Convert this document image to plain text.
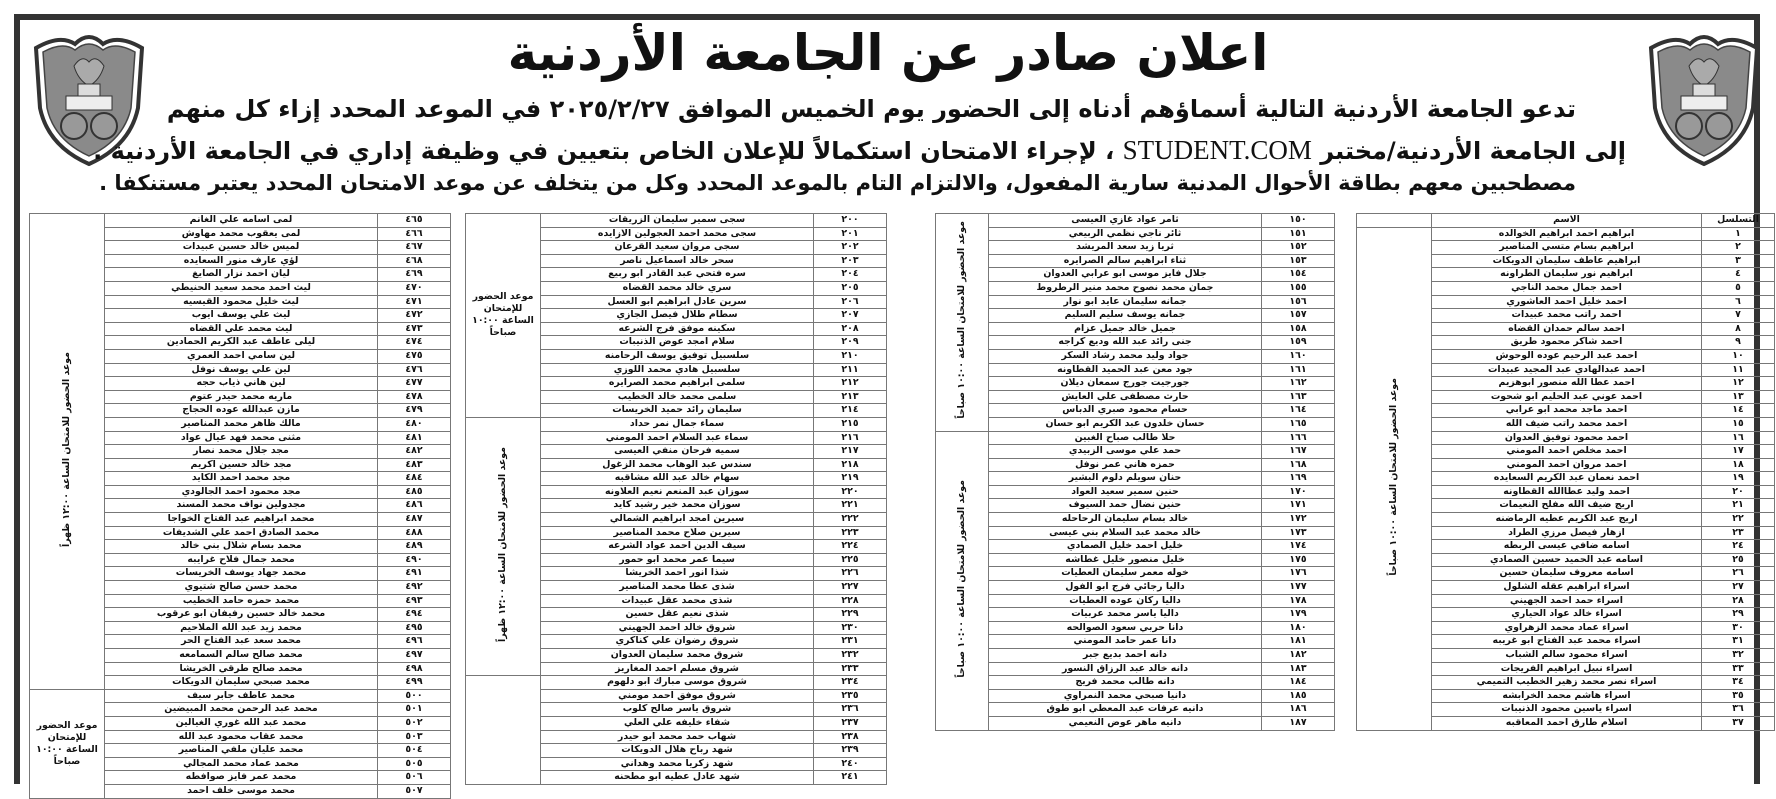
اعلان صادر عن الجامعة الأردنية
تدعو الجامعة الأردنية التالية أسماؤهم أدناه إلى الحضور يوم الخميس الموافق ٢٠٢٥/٢/٢٧ في الموعد المحدد إزاء كل منهم
إلى الجامعة الأردنية/مختبر STUDENT.COM ، لإجراء الامتحان استكمالاً للإعلان الخاص بتعيين في وظيفة إداري في الجامعة الأردنية .
مصطحبين معهم بطاقة الأحوال المدنية سارية المفعول، والالتزام التام بالموعد المحدد وكل من يتخلف عن موعد الامتحان المحدد يعتبر مستنكفا .
التسلسل	الاسم	
١	ابراهيم احمد ابراهيم الخوالده	موعد الحضور للامتحان الساعة ١٠:٠٠ صباحاً
٢	ابراهيم بسام متسي المناصير	
٣	ابراهيم عاطف سليمان الدويكات	
٤	ابراهيم نور سليمان الطراونه	
٥	احمد جمال محمد الناجي	
٦	احمد خليل احمد العاشوري	
٧	احمد راتب محمد عبيدات	
٨	احمد سالم حمدان القضاه	
٩	احمد شاكر محمود طريق	
١٠	احمد عبد الرحيم عوده الوحوش	
١١	احمد عبدالهادي عبد المجيد عبيدات	
١٢	احمد عطا الله منصور ابوهزيم	
١٣	احمد عوني عبد الحليم ابو شحوت	
١٤	احمد ماجد محمد ابو عرابي	
١٥	احمد محمد راتب ضيف الله	
١٦	احمد محمود توفيق العدوان	
١٧	احمد مخلص احمد المومني	
١٨	احمد مروان احمد المومني	
١٩	احمد نعمان عبد الكريم السعايده	
٢٠	احمد وليد عطاالله القطاونه	
٢١	اريج ضيف الله مفلح النعيمات	
٢٢	اريج عبد الكريم عطيه الرماضنه	
٢٣	ازهار فيصل مرزي الطراد	
٢٤	اسامه ضافي عيسى الربطه	
٢٥	اسامه عبد الحميد حسين الصمادي	
٢٦	اسامه معروف سليمان حسين	
٢٧	اسراء ابراهيم عقله الشلول	
٢٨	اسراء حمد احمد الجهيني	
٢٩	اسراء خالد عواد الحياري	
٣٠	اسراء عماد محمد الزهراوي	
٣١	اسراء محمد عبد الفتاح ابو غريبه	
٣٢	اسراء محمود سالم الشباب	
٣٣	اسراء نبيل ابراهيم الفريجات	
٣٤	اسراء نصر محمد زهير الخطيب التميمي	
٣٥	اسراء هاشم محمد الخرابشه	
٣٦	اسراء ياسين محمود الذنيبات	
٣٧	اسلام طارق احمد المعاقبه	
١٥٠	ثامر عواد غازي العيسى	موعد الحضور للامتحان الساعة ١٠:٠٠ صباحاً
١٥١	ثائر ناجي نظمي الربيعي	
١٥٢	ثريا زيد سعد المريشد	
١٥٣	ثناء ابراهيم سالم الصرايره	
١٥٤	جلال فايز موسى ابو عرابي العدوان	
١٥٥	جمان محمد نصوح محمد منير الرطروط	
١٥٦	جمانه سليمان عايد ابو نوار	
١٥٧	جمانه يوسف سليم السليم	
١٥٨	جميل خالد جميل عزام	
١٥٩	جنى رائد عبد الله وديع كراجه	
١٦٠	جواد وليد محمد رشاد السكر	
١٦١	جود معن عبد الحميد القطاونه	
١٦٢	جورجيت جورج سمعان ديلان	
١٦٣	حارث مصطفى علي العايش	
١٦٤	حسام محمود صبري الدباس	
١٦٥	حسان خلدون عبد الكريم ابو حسان	
١٦٦	حلا طالب صباح الغبين	موعد الحضور للامتحان الساعة ١٠:٠٠ صباحاً
١٦٧	حمد علي موسى الزبيدي	
١٦٨	حمزه هاني عمر نوفل	
١٦٩	حنان سويلم دلوم البشير	
١٧٠	حنين سمير سعيد العواد	
١٧١	حنين نضال حمد السيوف	
١٧٢	خالد بسام سليمان الرحاحله	
١٧٣	خالد محمد عبد السلام بني عيسى	
١٧٤	خليل احمد خليل الصمادي	
١٧٥	خليل منصور خليل غطاشه	
١٧٦	خوله معمر سليمان العطيات	
١٧٧	داليا رجائي فرج ابو الفول	
١٧٨	داليا ركان عوده العطيات	
١٧٩	داليا ياسر محمد عربيات	
١٨٠	دانا حربي سعود الصوالحه	
١٨١	دانا عمر حامد المومني	
١٨٢	دانه احمد بديع جبر	
١٨٣	دانه خالد عبد الرزاق النسور	
١٨٤	دانه طالب محمد فريج	
١٨٥	دانيا صبحي محمد النمراوي	
١٨٦	دانيه عرفات عبد المعطي ابو طوق	
١٨٧	دانيه ماهر عوض النعيمي	
٢٠٠	سجى سمير سليمان الزريقات	موعد الحضور للإمتحان الساعة ١٠:٠٠ صباحاً
٢٠١	سجى محمد احمد العجولين الازايده	
٢٠٢	سجى مروان سعيد القرعان	
٢٠٣	سحر خالد اسماعيل ناصر	
٢٠٤	سره فتحي عبد القادر ابو ربيع	
٢٠٥	سري خالد محمد القضاه	
٢٠٦	سرين عادل ابراهيم ابو العسل	
٢٠٧	سطام طلال فيصل الجازي	
٢٠٨	سكينه موفق فرج الشرعه	
٢٠٩	سلام امجد عوض الذنيبات	
٢١٠	سلسبيل توفيق يوسف الرحامنه	
٢١١	سلسبيل هادي محمد اللوزي	
٢١٢	سلمى ابراهيم محمد الصرايره	
٢١٣	سلمى محمد خالد الخطيب	
٢١٤	سليمان رائد حميد الخريسات	
٢١٥	سماء جمال نمر حداد	موعد الحضور للامتحان الساعة ١٢:٠٠ ظهراً
٢١٦	سماء عبد السلام احمد المومني	
٢١٧	سميه فرحان منفي العيسى	
٢١٨	سندس عبد الوهاب محمد الزغول	
٢١٩	سهام خالد عبد الله مشاقبه	
٢٢٠	سوزان عبد المنعم نعيم العلاونه	
٢٢١	سوزان محمد خير رشيد كايد	
٢٢٢	سيرين امجد ابراهيم الشمالي	
٢٢٣	سيرين صلاح محمد المناصير	
٢٢٤	سيف الدين احمد عواد الشرعه	
٢٢٥	سيما عمر محمد ابو حمور	
٢٢٦	شذا انور احمد الخريشا	
٢٢٧	شذى عطا محمد المناصير	
٢٢٨	شذى محمد عقل عبيدات	
٢٢٩	شذى نعيم عقل حسين	
٢٣٠	شروق خالد احمد الجهيني	
٢٣١	شروق رضوان علي كناكري	
٢٣٢	شروق محمد سليمان العدوان	
٢٣٣	شروق مسلم احمد المغاريز	
٢٣٤	شروق موسى مبارك ابو دلهوم	
٢٣٥	شروق موفق احمد مومني	
٢٣٦	شروق ياسر صالح كلوب	
٢٣٧	شفاء خليفه علي العلي	
٢٣٨	شهاب حمد محمد ابو حيدر	
٢٣٩	شهد رباح هلال الدويكات	
٢٤٠	شهد زكريا محمد وهداني	
٢٤١	شهد عادل عطيه ابو مطحنه	
٤٦٥	لمى اسامه علي الغانم	موعد الحضور للامتحان الساعة ١٢:٠٠ ظهراً
٤٦٦	لمى يعقوب محمد مهاوش	
٤٦٧	لميس خالد حسين عبيدات	
٤٦٨	لؤي عارف منور السعايده	
٤٦٩	ليان احمد نزار الصايغ	
٤٧٠	ليث احمد محمد سعيد الحنيطي	
٤٧١	ليث خليل محمود القيسيه	
٤٧٢	ليث علي يوسف ايوب	
٤٧٣	ليث محمد علي القضاه	
٤٧٤	ليلى عاطف عبد الكريم الحمادين	
٤٧٥	لين سامي احمد العمري	
٤٧٦	لين علي يوسف نوفل	
٤٧٧	لين هاني ذياب حجه	
٤٧٨	ماريه محمد حيدر عتوم	
٤٧٩	مازن عبدالله عوده الحجاج	
٤٨٠	مالك ظاهر محمد المناصير	
٤٨١	مثنى محمد فهد عيال عواد	
٤٨٢	مجد جلال محمد نصار	
٤٨٣	مجد خالد حسين اكريم	
٤٨٤	مجد محمد احمد الكايد	
٤٨٥	مجد محمود احمد الجالودي	
٤٨٦	مجدولين نواف محمد المسند	
٤٨٧	محمد ابراهيم عبد الفتاح الخواجا	
٤٨٨	محمد الصادق احمد علي الشديفات	
٤٨٩	محمد بسام شلال بني خالد	
٤٩٠	محمد جمال فلاح غرايبه	
٤٩١	محمد جهاد يوسف الخريسات	
٤٩٢	محمد حسن صالح شتيوي	
٤٩٣	محمد حمزه حامد الخطيب	
٤٩٤	محمد خالد حسين رفيفان ابو عرقوب	
٤٩٥	محمد زيد عبد الله الملاحيم	
٤٩٦	محمد سعد عبد الفتاح الحر	
٤٩٧	محمد صالح سالم السمامعه	
٤٩٨	محمد صالح طرقي الخريشا	
٤٩٩	محمد صبحي سليمان الدويكات	
٥٠٠	محمد عاطف جابر سيف	موعد الحضور للإمتحان الساعة ١٠:٠٠ صباحاً
٥٠١	محمد عبد الرحمن محمد المبيضين	
٥٠٢	محمد عبد الله غوري الغيالين	
٥٠٣	محمد عقاب محمود عبد الله	
٥٠٤	محمد عليان ملفي المناصير	
٥٠٥	محمد عماد محمد المجالي	
٥٠٦	محمد عمر فايز صوافطه	
٥٠٧	محمد موسى خلف احمد	
